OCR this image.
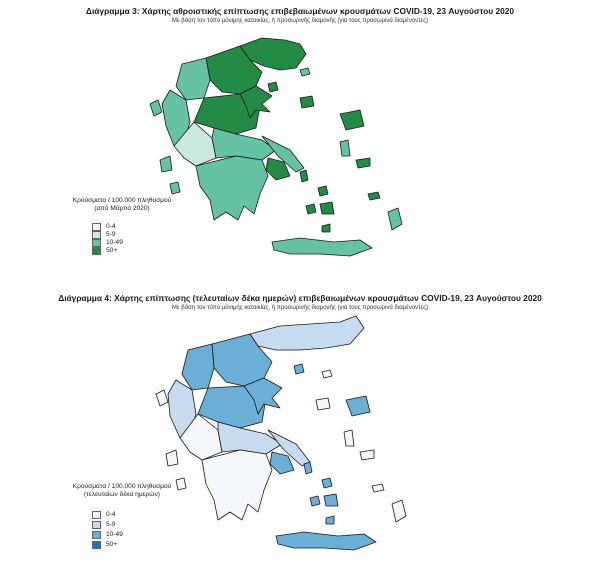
Διάγραμμα 3: Χάρτης αθροιστικής επίπτωσης επιβεβαιωμένων κρουσμάτων COVID-19, 23 Αυγούστου 2020
Με βάση τον τόπο μόνιμης κατοικίας, ή προσωρινής διαμονής (για τους προσωρινά διαμένοντες)
Κρούσματα / 100.000 πληθυσμού
(από Μάρτιο 2020)
0-4
5-9
10-49
50+
Διάγραμμα 4: Χάρτης επίπτωσης (τελευταίων δέκα ημερών) επιβεβαιωμένων κρουσμάτων COVID-19, 23 Αυγούστου 2020
Με βάση τον τόπο μόνιμης κατοικίας, ή προσωρινής διαμονής (για τους προσωρινά διαμένοντες)
Κρούσματα / 100.000 πληθυσμού
(τελευταίων δέκα ημερών)
0-4
5-9
10-49
50+
